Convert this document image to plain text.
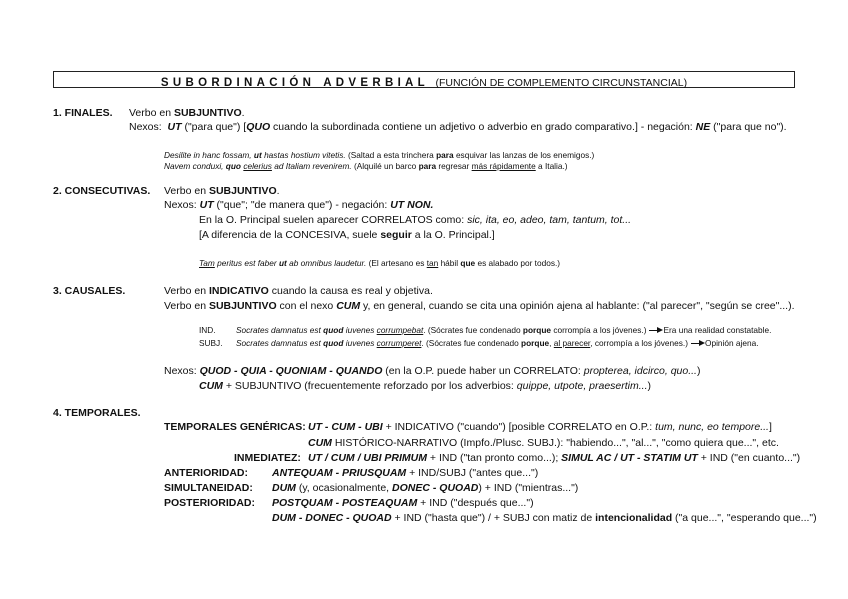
SUBORDINACIÓN ADVERBIAL (FUNCIÓN DE COMPLEMENTO CIRCUNSTANCIAL)
1. FINALES. Verbo en SUBJUNTIVO.
Nexos: UT ("para que") [QUO cuando la subordinada contiene un adjetivo o adverbio en grado comparativo.] - negación: NE ("para que no").
Desilite in hanc fossam, ut hastas hostium vitetis. (Saltad a esta trinchera para esquivar las lanzas de los enemigos.)
Navem conduxi, quo celerius ad Italiam revenirem. (Alquilé un barco para regresar más rápidamente a Italia.)
2. CONSECUTIVAS. Verbo en SUBJUNTIVO.
Nexos: UT ("que"; "de manera que") - negación: UT NON.
En la O. Principal suelen aparecer CORRELATOS como: sic, ita, eo, adeo, tam, tantum, tot...
[A diferencia de la CONCESIVA, suele seguir a la O. Principal.]
Tam peritus est faber ut ab omnibus laudetur. (El artesano es tan hábil que es alabado por todos.)
3. CAUSALES.	Verbo en INDICATIVO cuando la causa es real y objetiva.
Verbo en SUBJUNTIVO con el nexo CUM y, en general, cuando se cita una opinión ajena al hablante: ("al parecer", "según se cree"...).
IND. Socrates damnatus est quod iuvenes corrumpebat. (Sócrates fue condenado porque corrompía a los jóvenes.) Era una realidad constatable.
SUBJ. Socrates damnatus est quod iuvenes corrumperet. (Sócrates fue condenado porque, al parecer, corrompía a los jóvenes.) Opinión ajena.
Nexos: QUOD - QUIA - QUONIAM - QUANDO (en la O.P. puede haber un CORRELATO: propterea, idcirco, quo...)
CUM + SUBJUNTIVO (frecuentemente reforzado por los adverbios: quippe, utpote, praesertim...)
4. TEMPORALES.
TEMPORALES GENÉRICAS: UT - CUM - UBI + INDICATIVO ("cuando") [posible CORRELATO en O.P.: tum, nunc, eo tempore...]
CUM HISTÓRICO-NARRATIVO (Impfo./Plusc. SUBJ.): "habiendo...", "al...", "como quiera que...", etc.
INMEDIATEZ: UT / CUM / UBI PRIMUM + IND ("tan pronto como...); SIMUL AC / UT - STATIM UT + IND ("en cuanto...")
ANTERIORIDAD: ANTEQUAM - PRIUSQUAM + IND/SUBJ ("antes que...")
SIMULTANEIDAD: DUM (y, ocasionalmente, DONEC - QUOAD) + IND ("mientras...")
POSTERIORIDAD: POSTQUAM - POSTEAQUAM + IND ("después que...")
DUM - DONEC - QUOAD + IND ("hasta que") / + SUBJ con matiz de intencionalidad ("a que...", "esperando que...")
